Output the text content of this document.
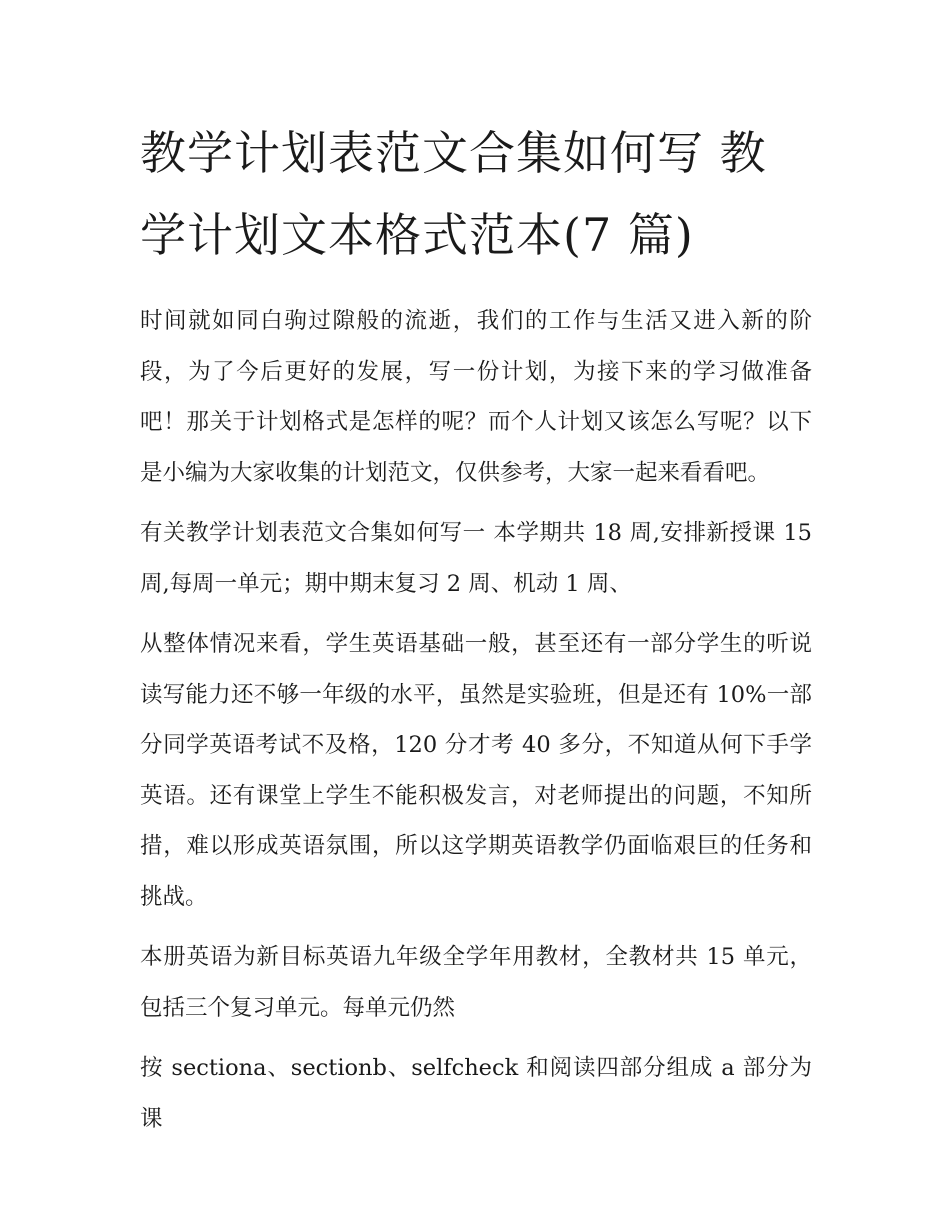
教学计划表范文合集如何写 教学计划文本格式范本(7 篇)

时间就如同白驹过隙般的流逝，我们的工作与生活又进入新的阶段，为了今后更好的发展，写一份计划，为接下来的学习做准备吧！那关于计划格式是怎样的呢？而个人计划又该怎么写呢？以下是小编为大家收集的计划范文，仅供参考，大家一起来看看吧。

有关教学计划表范文合集如何写一 本学期共 18 周,安排新授课 15 周,每周一单元；期中期末复习 2 周、机动 1 周、

从整体情况来看，学生英语基础一般，甚至还有一部分学生的听说读写能力还不够一年级的水平，虽然是实验班，但是还有 10%一部分同学英语考试不及格，120 分才考 40 多分，不知道从何下手学英语。还有课堂上学生不能积极发言，对老师提出的问题，不知所措，难以形成英语氛围，所以这学期英语教学仍面临艰巨的任务和挑战。

本册英语为新目标英语九年级全学年用教材，全教材共 15 单元，包括三个复习单元。每单元仍然

按 sectiona、sectionb、selfcheck 和阅读四部分组成 a 部分为课
